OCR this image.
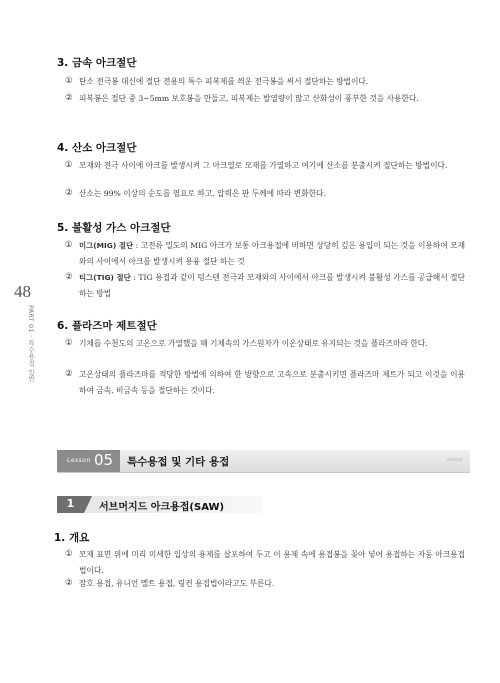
48
PART 01 · 특수용접 일반
3. 금속 아크절단
① 탄소 전극봉 대신에 절단 전용의 특수 피복제를 씌운 전극봉을 써서 절단하는 방법이다.
② 피복봉은 절단 중 3~5mm 보호봉을 만들고, 피복제는 발열량이 많고 산화성이 풍부한 것을 사용한다.
4. 산소 아크절단
① 모재와 전극 사이에 아크를 발생시켜 그 아크열로 모재를 가열하고 여기에 산소를 분출시켜 절단하는 방법이다.
② 산소는 99% 이상의 순도를 필요로 하고, 압력은 판 두께에 따라 변화한다.
5. 불활성 가스 아크절단
① 미그(MIG) 절단 : 고전류 밀도의 MIG 아크가 보통 아크용접에 비하면 상당히 깊은 용입이 되는 것을 이용하여 모재와의 사이에서 아크를 발생시켜 용융 절단 하는 것
② 티그(TIG) 절단 : TIG 용접과 같이 텅스텐 전극과 모재와의 사이에서 아크를 발생시켜 불활성 가스를 공급해서 절단하는 방법
6. 플라즈마 제트절단
① 기체를 수천도의 고온으로 가열했을 때 기체속의 가스원자가 이온상태로 유지되는 것을 플라즈마라 한다.
② 고온상태의 플라즈마를 적당한 방법에 의하여 한 방향으로 고속으로 분출시키면 플라즈마 제트가 되고 이것을 이용하여 금속, 비금속 등을 절단하는 것이다.
Lesson 05 특수용접 및 기타 용접	‹‹‹‹‹‹
1	서브머지드 아크용접(SAW)
1. 개요
① 모재 표면 위에 미리 미세한 입상의 용제를 살포하여 두고 이 용제 속에 용접봉을 꽂아 넣어 용접하는 자동 아크용접법이다.
② 잠호 용접, 유니언 멜트 용접, 링컨 용접법이라고도 부른다.
